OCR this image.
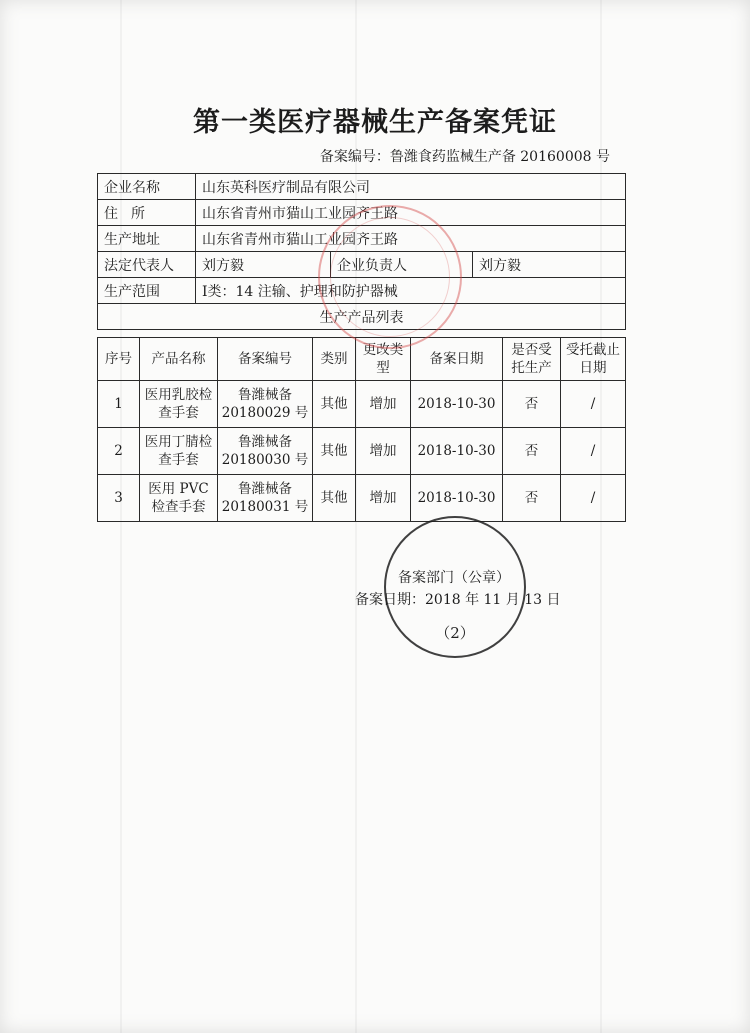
第一类医疗器械生产备案凭证
备案编号：鲁潍食药监械生产备 20160008 号
企业名称	山东英科医疗制品有限公司		
住所	山东省青州市猫山工业园齐王路		
生产地址	山东省青州市猫山工业园齐王路		
法定代表人	刘方毅	企业负责人	刘方毅
生产范围	Ⅰ类：14 注输、护理和防护器械		
生产产品列表			
序号	产品名称	备案编号	类别	更改类型	备案日期	是否受托生产	受托截止日期
1	医用乳胶检查手套	鲁潍械备 20180029 号	其他	增加	2018-10-30	否	/
2	医用丁腈检查手套	鲁潍械备 20180030 号	其他	增加	2018-10-30	否	/
3	医用 PVC 检查手套	鲁潍械备 20180031 号	其他	增加	2018-10-30	否	/
（2）
备案部门（公章）
备案日期：2018 年 11 月 13 日
